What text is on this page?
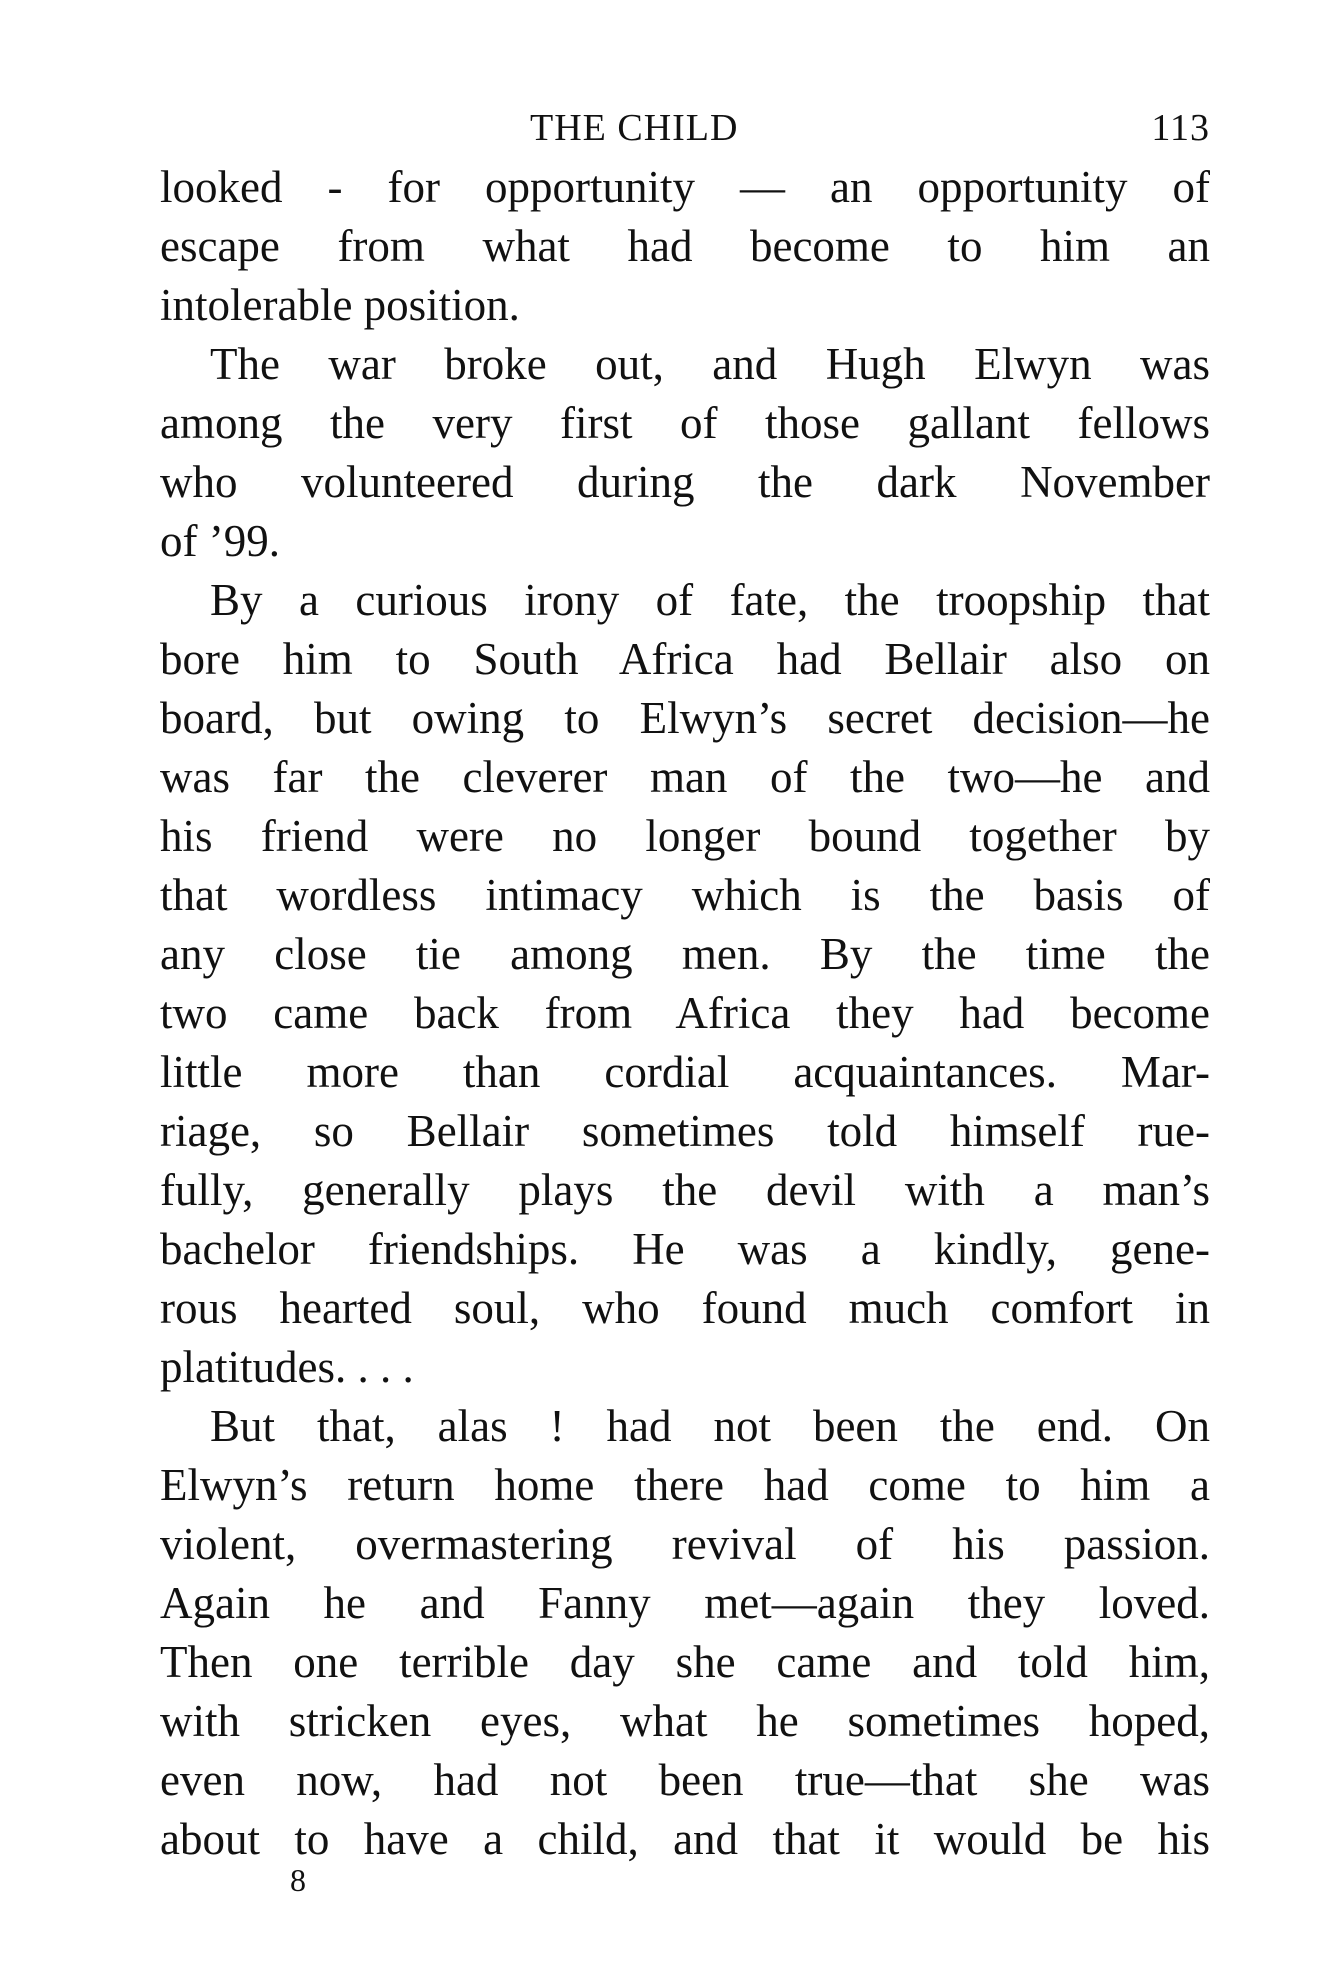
THE CHILD	113

looked - for opportunity — an opportunity of
escape from what had become to him an
intolerable position.
The war broke out, and Hugh Elwyn was
among the very first of those gallant fellows
who volunteered during the dark November
of ’99.
By a curious irony of fate, the troopship that
bore him to South Africa had Bellair also on
board, but owing to Elwyn’s secret decision—he
was far the cleverer man of the two—he and
his friend were no longer bound together by
that wordless intimacy which is the basis of
any close tie among men. By the time the
two came back from Africa they had become
little more than cordial acquaintances. Mar-
riage, so Bellair sometimes told himself rue-
fully, generally plays the devil with a man’s
bachelor friendships. He was a kindly, gene-
rous hearted soul, who found much comfort in
platitudes. . . .
But that, alas ! had not been the end. On
Elwyn’s return home there had come to him a
violent, overmastering revival of his passion.
Again he and Fanny met—again they loved.
Then one terrible day she came and told him,
with stricken eyes, what he sometimes hoped,
even now, had not been true—that she was
about to have a child, and that it would be his

8
